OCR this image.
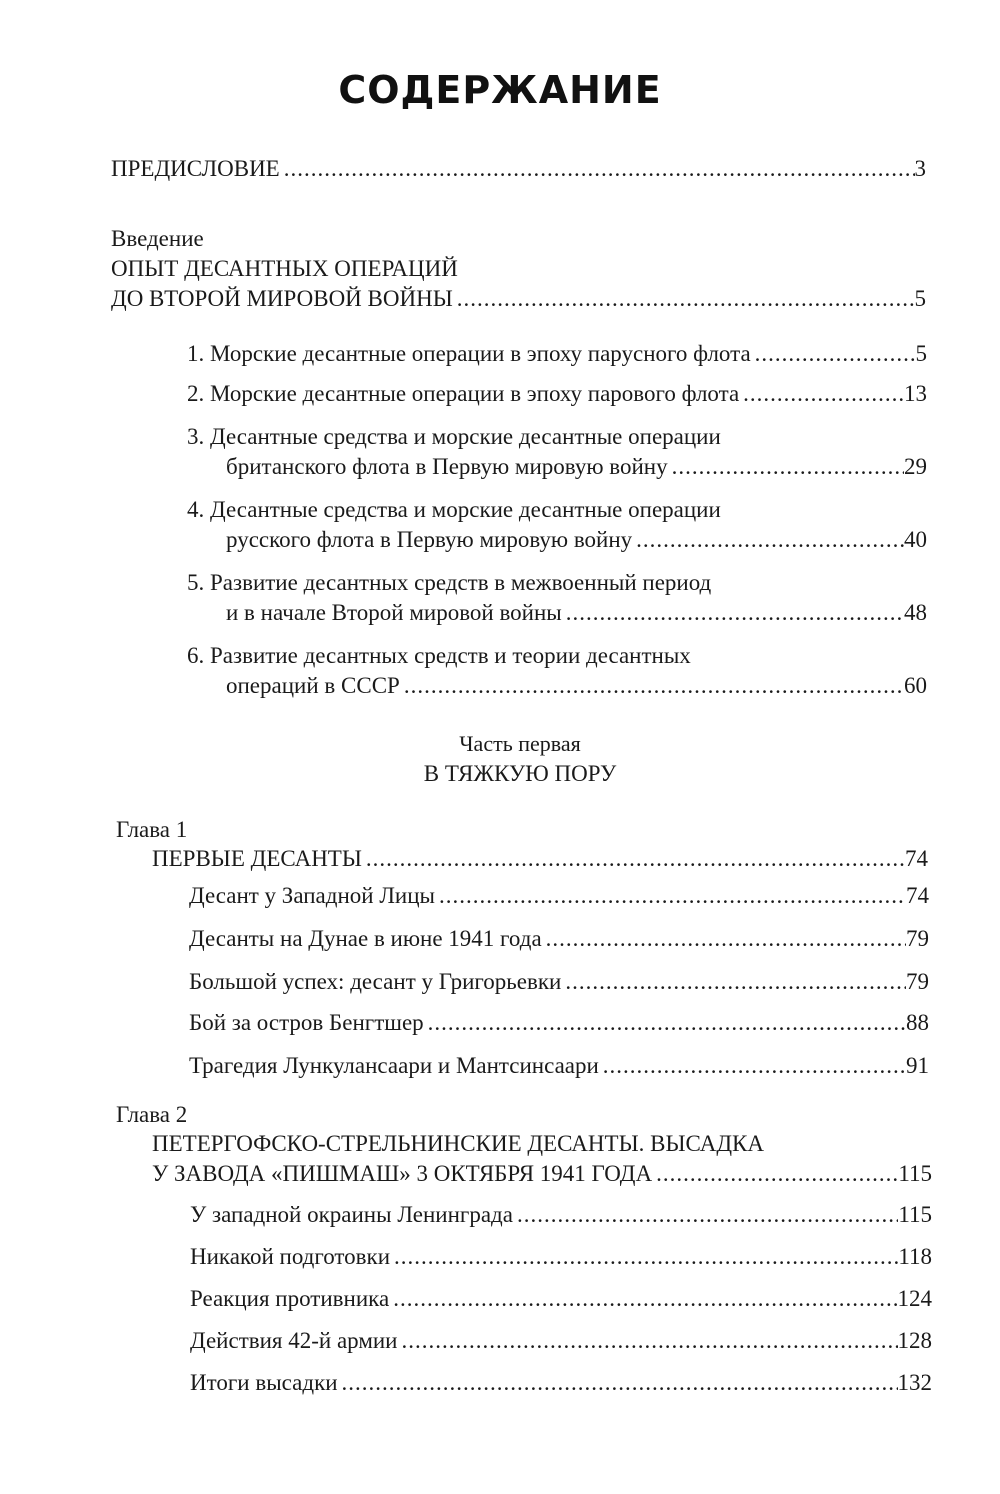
СОДЕРЖАНИЕ
ПРЕДИСЛОВИЕ .....	3
Введение
ОПЫТ ДЕСАНТНЫХ ОПЕРАЦИЙ
ДО ВТОРОЙ МИРОВОЙ ВОЙНЫ .....	5
1. Морские десантные операции в эпоху парусного флота .....	5
2. Морские десантные операции в эпоху парового флота .....	13
3. Десантные средства и морские десантные операции
британского флота в Первую мировую войну .....	29
4. Десантные средства и морские десантные операции
русского флота в Первую мировую войну .....	40
5. Развитие десантных средств в межвоенный период
и в начале Второй мировой войны .....	48
6. Развитие десантных средств и теории десантных
операций в СССР .....	60
Часть первая
В ТЯЖКУЮ ПОРУ
Глава 1
ПЕРВЫЕ ДЕСАНТЫ .....	74
Десант у Западной Лицы .....	74
Десанты на Дунае в июне 1941 года .....	79
Большой успех: десант у Григорьевки .....	79
Бой за остров Бенгтшер .....	88
Трагедия Лункулансаари и Мантсинсаари .....	91
Глава 2
ПЕТЕРГОФСКО-СТРЕЛЬНИНСКИЕ ДЕСАНТЫ. ВЫСАДКА
У ЗАВОДА «ПИШМАШ» 3 ОКТЯБРЯ 1941 ГОДА .....	115
У западной окраины Ленинграда .....	115
Никакой подготовки .....	118
Реакция противника .....	124
Действия 42-й армии .....	128
Итоги высадки .....	132
